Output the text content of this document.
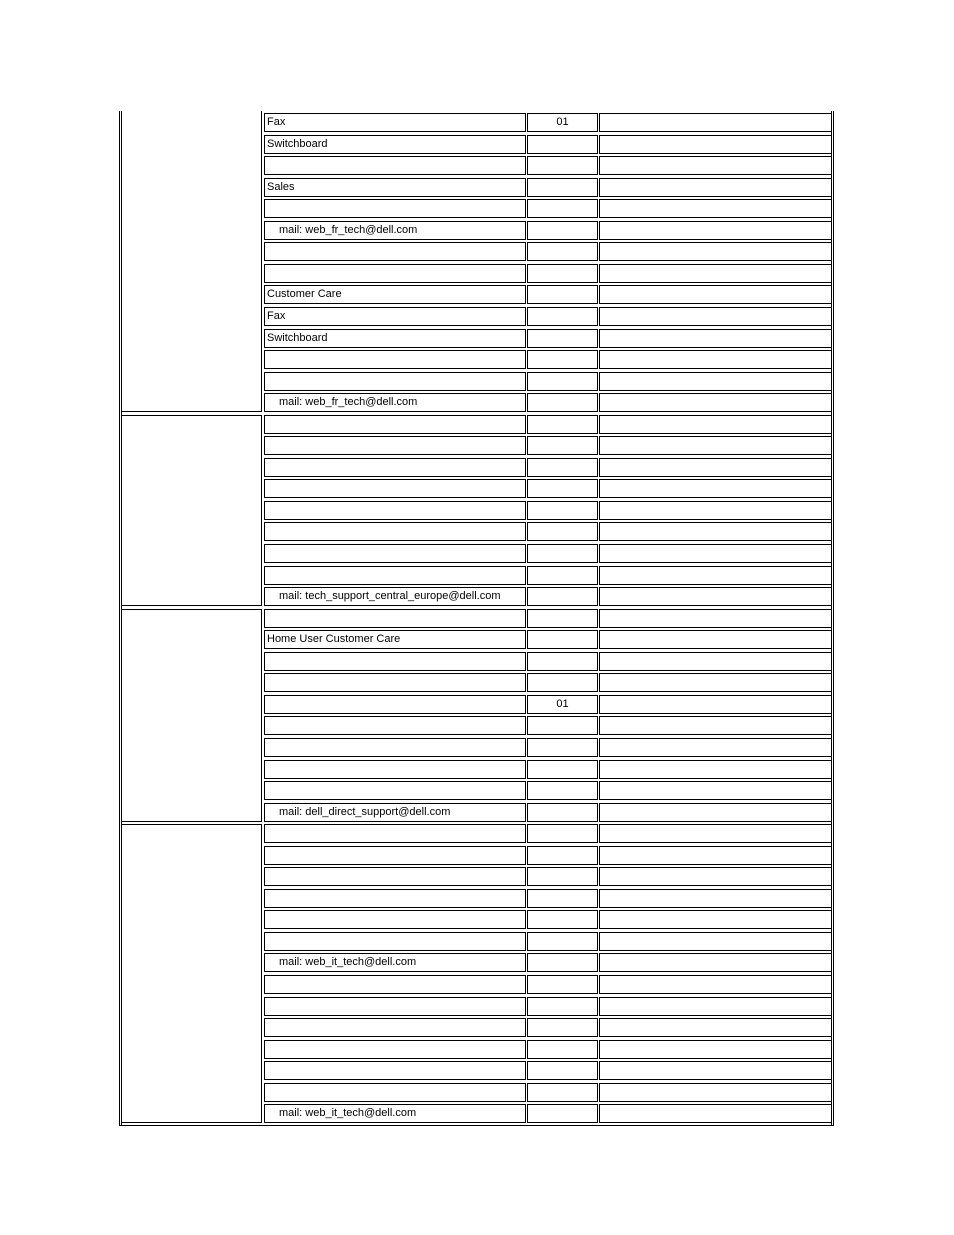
Fax	01
Switchboard
Sales
mail: web_fr_tech@dell.com
Customer Care
Fax
Switchboard
mail: web_fr_tech@dell.com
mail: tech_support_central_europe@dell.com
Home User Customer Care
01
mail: dell_direct_support@dell.com
mail: web_it_tech@dell.com
mail: web_it_tech@dell.com
